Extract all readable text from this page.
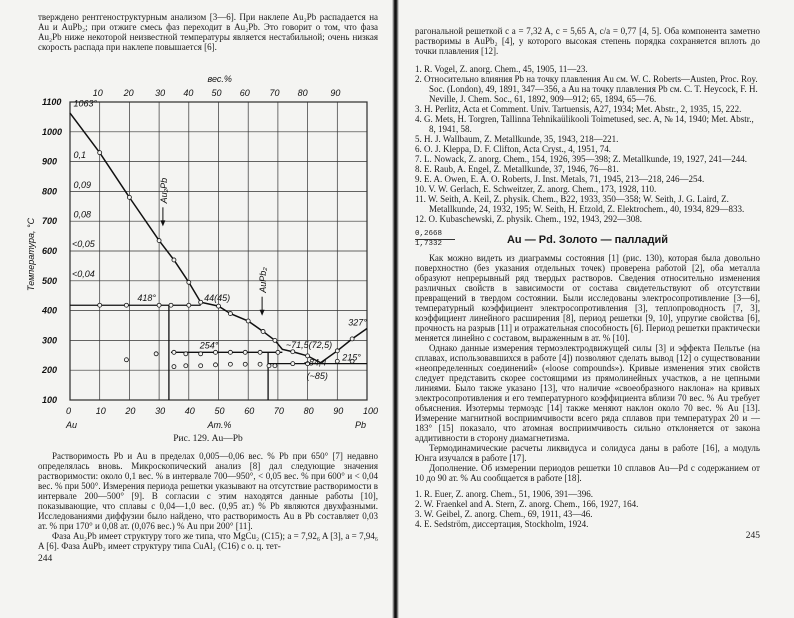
твержденo рентгеноструктурным анализом [3—6]. При наклепе Au₂Pb распадается на Au и AuPb₂; при отжиге смесь фаз переходит в Au₂Pb. Это говорит о том, что фаза Au₂Pb ниже некоторой неизвестной температуры является нестабильной; очень низкая скорость распада при наклепе повышается [6].

0	10 20 30 40 50 60 70 80 90 100
100
200
300
400
500
600
700
800
900
1000
1100
10 20 30 40 50 60 70 80	90
вес.%
Ат.%
Au	Pb
Температура, °C
1063°
0,1
0,09
0,08
<0,05
<0,04
418°	44(45)
254°	~71,5(72,5)
~84,4
(~85)
327°
215°
Au₂Pb
AuPb₂
Рис. 129. Au—Pb

Растворимость Pb и Au в пределах 0,005—0,06 вес. % Pb при 650° [7] недавно определялась вновь. Микроскопический анализ [8] дал следующие значения растворимости: около 0,1 вес. % в интервале 700—950°, < 0,05 вес. % при 600° и < 0,04 вес. % при 500°. Измерения периода решетки указывают на отсутствие растворимости в интервале 200—500° [9]. В согласии с этим находятся данные работы [10], показывающие, что сплавы с 0,04—1,0 вес. (0,95 ат.) % Pb являются двухфазными. Исследованиями диффузии было найдено, что растворимость Au в Pb составляет 0,03 ат. % при 170° и 0,08 ат. (0,076 вес.) % Au при 200° [11].

Фаза Au₂Pb имеет структуру того же типа, что MgCu₂ (C15); a = 7,92₆ A [3], a = 7,94₆ A [6]. Фаза AuPb₂ имеет структуру типа CuAl₂ (C16) с о. ц. тет-

244

рагональной решеткой с a = 7,32 A, c = 5,65 A, c/a = 0,77 [4, 5]. Оба компонента заметно растворимы в AuPb₂ [4], у которого высокая степень порядка сохраняется вплоть до точки плавления [12].

1. R. Vogel, Z. anorg. Chem., 45, 1905, 11—23.
2. Относительно влияния Pb на точку плавления Au см. W. C. Roberts—Austen, Proc. Roy. Soc. (London), 49, 1891, 347—356, а Au на точку плавления Pb см. C. T. Heycock, F. H. Neville, J. Chem. Soc., 61, 1892, 909—912; 65, 1894, 65—76.
3. H. Perlitz, Acta et Comment. Univ. Tartuensis, A27, 1934; Met. Abstr., 2, 1935, 15, 222.
4. G. Mets, H. Torgren, Tallinna Tehnikaülikooli Toimetused, sec. A, № 14, 1940; Met. Abstr., 8, 1941, 58.
5. H. J. Wallbaum, Z. Metallkunde, 35, 1943, 218—221.
6. O. J. Kleppa, D. F. Clifton, Acta Cryst., 4, 1951, 74.
7. L. Nowack, Z. anorg. Chem., 154, 1926, 395—398; Z. Metallkunde, 19, 1927, 241—244.
8. E. Raub, A. Engel, Z. Metallkunde, 37, 1946, 76—81.
9. E. A. Owen, E. A. O. Roberts, J. Inst. Metals, 71, 1945, 213—218, 246—254.
10. V. W. Gerlach, E. Schweitzer, Z. anorg. Chem., 173, 1928, 110.
11. W. Seith, A. Keil, Z. physik. Chem., B22, 1933, 350—358; W. Seith, J. G. Laird, Z. Metallkunde, 24, 1932, 195; W. Seith, H. Etzold, Z. Elektrochem., 40, 1934, 829—833.
12. O. Kubaschewski, Z. physik. Chem., 192, 1943, 292—308.
0,2668
1,7332	Au — Pd. Золото — палладий

Как можно видеть из диаграммы состояния [1] (рис. 130), которая была довольно поверхностно (без указания отдельных точек) проверена работой [2], оба металла образуют непрерывный ряд твердых растворов. Сведения относительно изменения различных свойств в зависимости от состава свидетельствуют об отсутствии превращений в твердом состоянии. Были исследованы электросопротивление [3—6], температурный коэффициент электросопротивления [3], теплопроводность [7, 3], коэффициент линейного расширения [8], период решетки [9, 10], упругие свойства [6], прочность на разрыв [11] и отражательная способность [6]. Период решетки практически меняется линейно с составом, выраженным в ат. % [10].

Однако данные измерения термоэлектродвижущей силы [3] и эффекта Пельтье (на сплавах, использовавшихся в работе [4]) позволяют сделать вывод [12] о существовании «неопределенных соединений» («loose compounds»). Кривые изменения этих свойств следует представить скорее состоящими из прямолинейных участков, а не цепными линиями. Было также указано [13], что наличие «своеобразного наклона» на кривых электросопротивления и его температурного коэффициента вблизи 70 вес. % Au требует объяснения. Изотермы термоэдс [14] также меняют наклон около 70 вес. % Au [13]. Измерение магнитной восприимчивости всего ряда сплавов при температурах 20 и —183° [15] показало, что атомная восприимчивость сильно отклоняется от закона аддитивности в сторону диамагнетизма.

Термодинамические расчеты ликвидуса и солидуса даны в работе [16], а модуль Юнга изучался в работе [17].

Дополнение. Об измерении периодов решетки 10 сплавов Au—Pd с содержанием от 10 до 90 ат. % Au сообщается в работе [18].

1. R. Euer, Z. anorg. Chem., 51, 1906, 391—396.
2. W. Fraenkel and A. Stern, Z. anorg. Chem., 166, 1927, 164.
3. W. Geibel, Z. anorg. Chem., 69, 1911, 43—46.
4. E. Sedström, диссертация, Stockholm, 1924.
245
